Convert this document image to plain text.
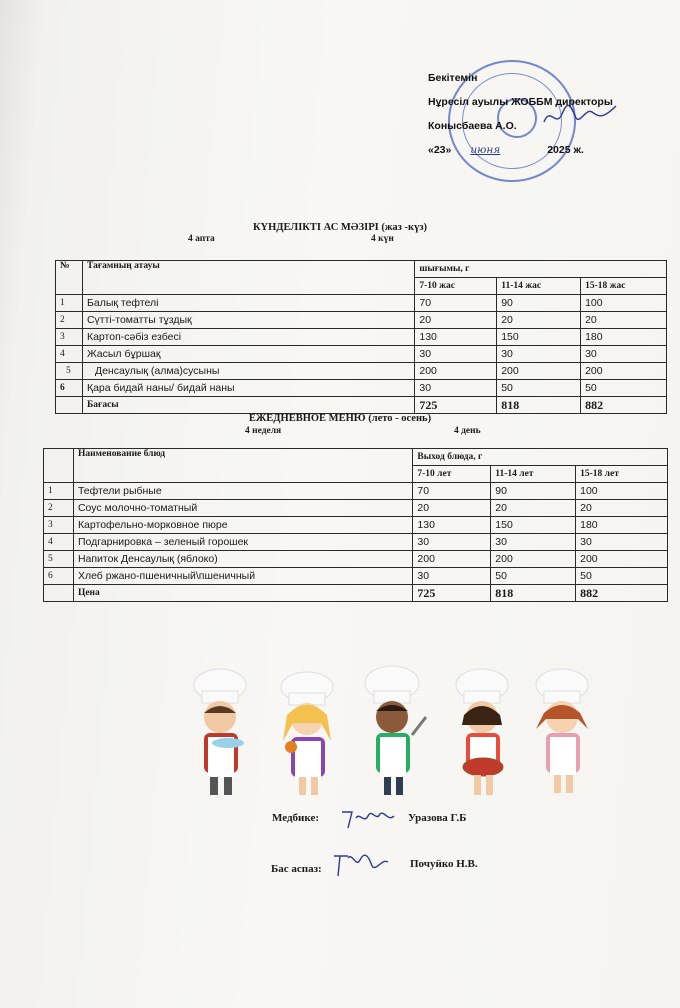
Бекітемін
Нұресіл ауылы ЖОББМ директоры
Конысбаева А.О.
«23» июня	2025 ж.
КҮНДЕЛІКТІ АС МӘЗІРІ (жаз -күз)
4 апта	4 күн
№	Тағамның атауы	шығымы, г		
		7-10 жас	11-14 жас	15-18 жас
1	Балық тефтелі	70	90	100
2	Сүтті-томатты тұздық	20	20	20
3	Картоп-сәбіз езбесі	130	150	180
4	Жасыл бұршақ	30	30	30
5	Денсаулық (алма)сусыны	200	200	200
6	Қара бидай наны/ бидай наны	30	50	50
	Бағасы	725	818	882
ЕЖЕДНЕВНОЕ МЕНЮ (лето - осень)
4 неделя	4 день
	Наименование блюд	Выход блюда, г		
		7-10 лет	11-14 лет	15-18 лет
1	Тефтели рыбные	70	90	100
2	Соус молочно-томатный	20	20	20
3	Картофельно-морковное пюре	130	150	180
4	Подгарнировка – зеленый горошек	30	30	30
5	Напиток Денсаулық (яблоко)	200	200	200
6	Хлеб ржано-пшеничный\пшеничный	30	50	50
	Цена	725	818	882
Медбике:	Уразова Г.Б
Бас аспаз:	Почуйко Н.В.
